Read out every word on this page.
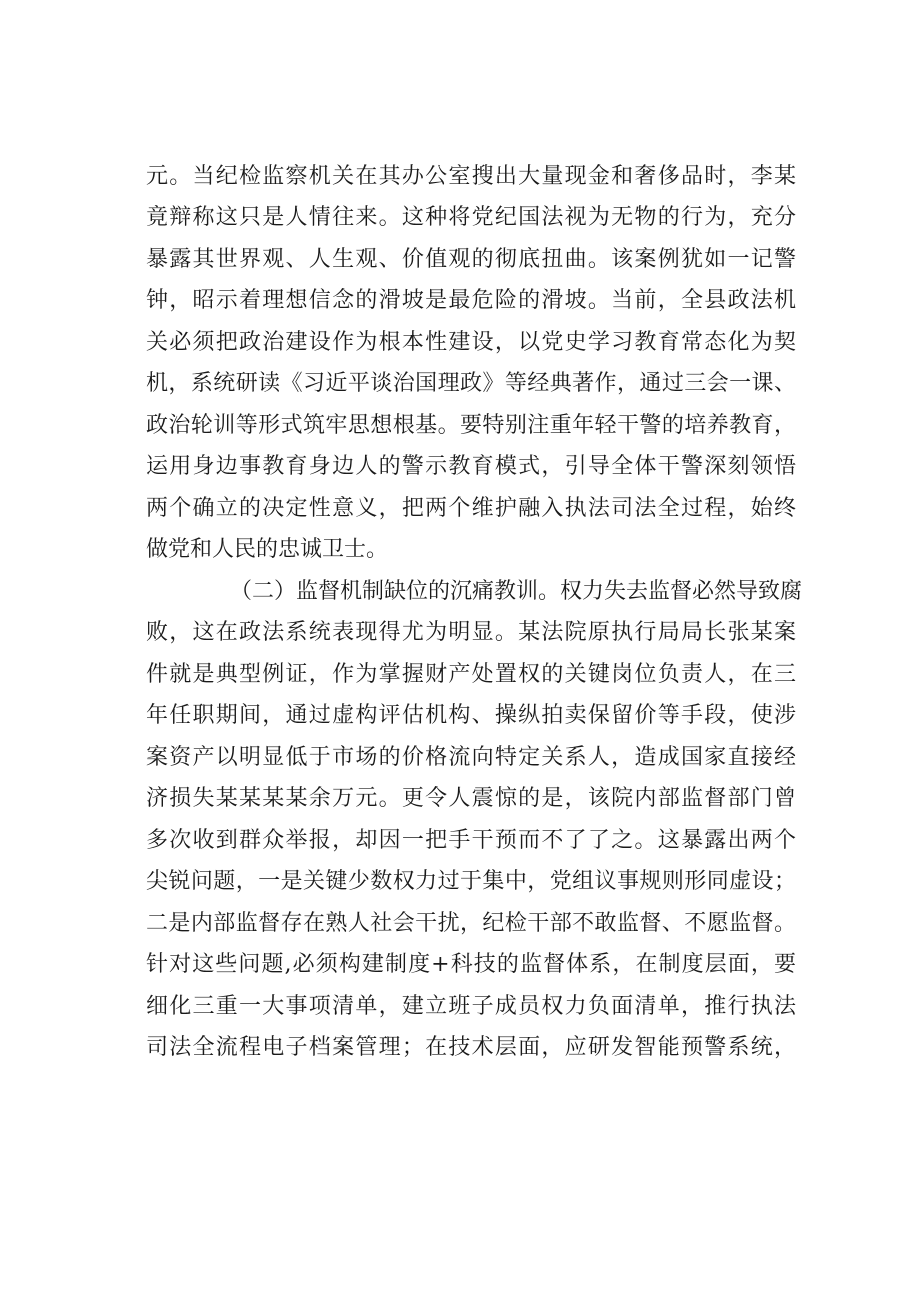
元。当纪检监察机关在其办公室搜出大量现金和奢侈品时，李某
竟辩称这只是人情往来。这种将党纪国法视为无物的行为，充分
暴露其世界观、人生观、价值观的彻底扭曲。该案例犹如一记警
钟，昭示着理想信念的滑坡是最危险的滑坡。当前，全县政法机
关必须把政治建设作为根本性建设，以党史学习教育常态化为契
机，系统研读《习近平谈治国理政》等经典著作，通过三会一课、
政治轮训等形式筑牢思想根基。要特别注重年轻干警的培养教育，
运用身边事教育身边人的警示教育模式，引导全体干警深刻领悟
两个确立的决定性意义，把两个维护融入执法司法全过程，始终
做党和人民的忠诚卫士。
（二）监督机制缺位的沉痛教训。权力失去监督必然导致腐
败，这在政法系统表现得尤为明显。某法院原执行局局长张某案
件就是典型例证，作为掌握财产处置权的关键岗位负责人，在三
年任职期间，通过虚构评估机构、操纵拍卖保留价等手段，使涉
案资产以明显低于市场的价格流向特定关系人，造成国家直接经
济损失某某某某余万元。更令人震惊的是，该院内部监督部门曾
多次收到群众举报，却因一把手干预而不了了之。这暴露出两个
尖锐问题，一是关键少数权力过于集中，党组议事规则形同虚设；
二是内部监督存在熟人社会干扰，纪检干部不敢监督、不愿监督。
针对这些问题,必须构建制度+科技的监督体系，在制度层面，要
细化三重一大事项清单，建立班子成员权力负面清单，推行执法
司法全流程电子档案管理；在技术层面，应研发智能预警系统，
